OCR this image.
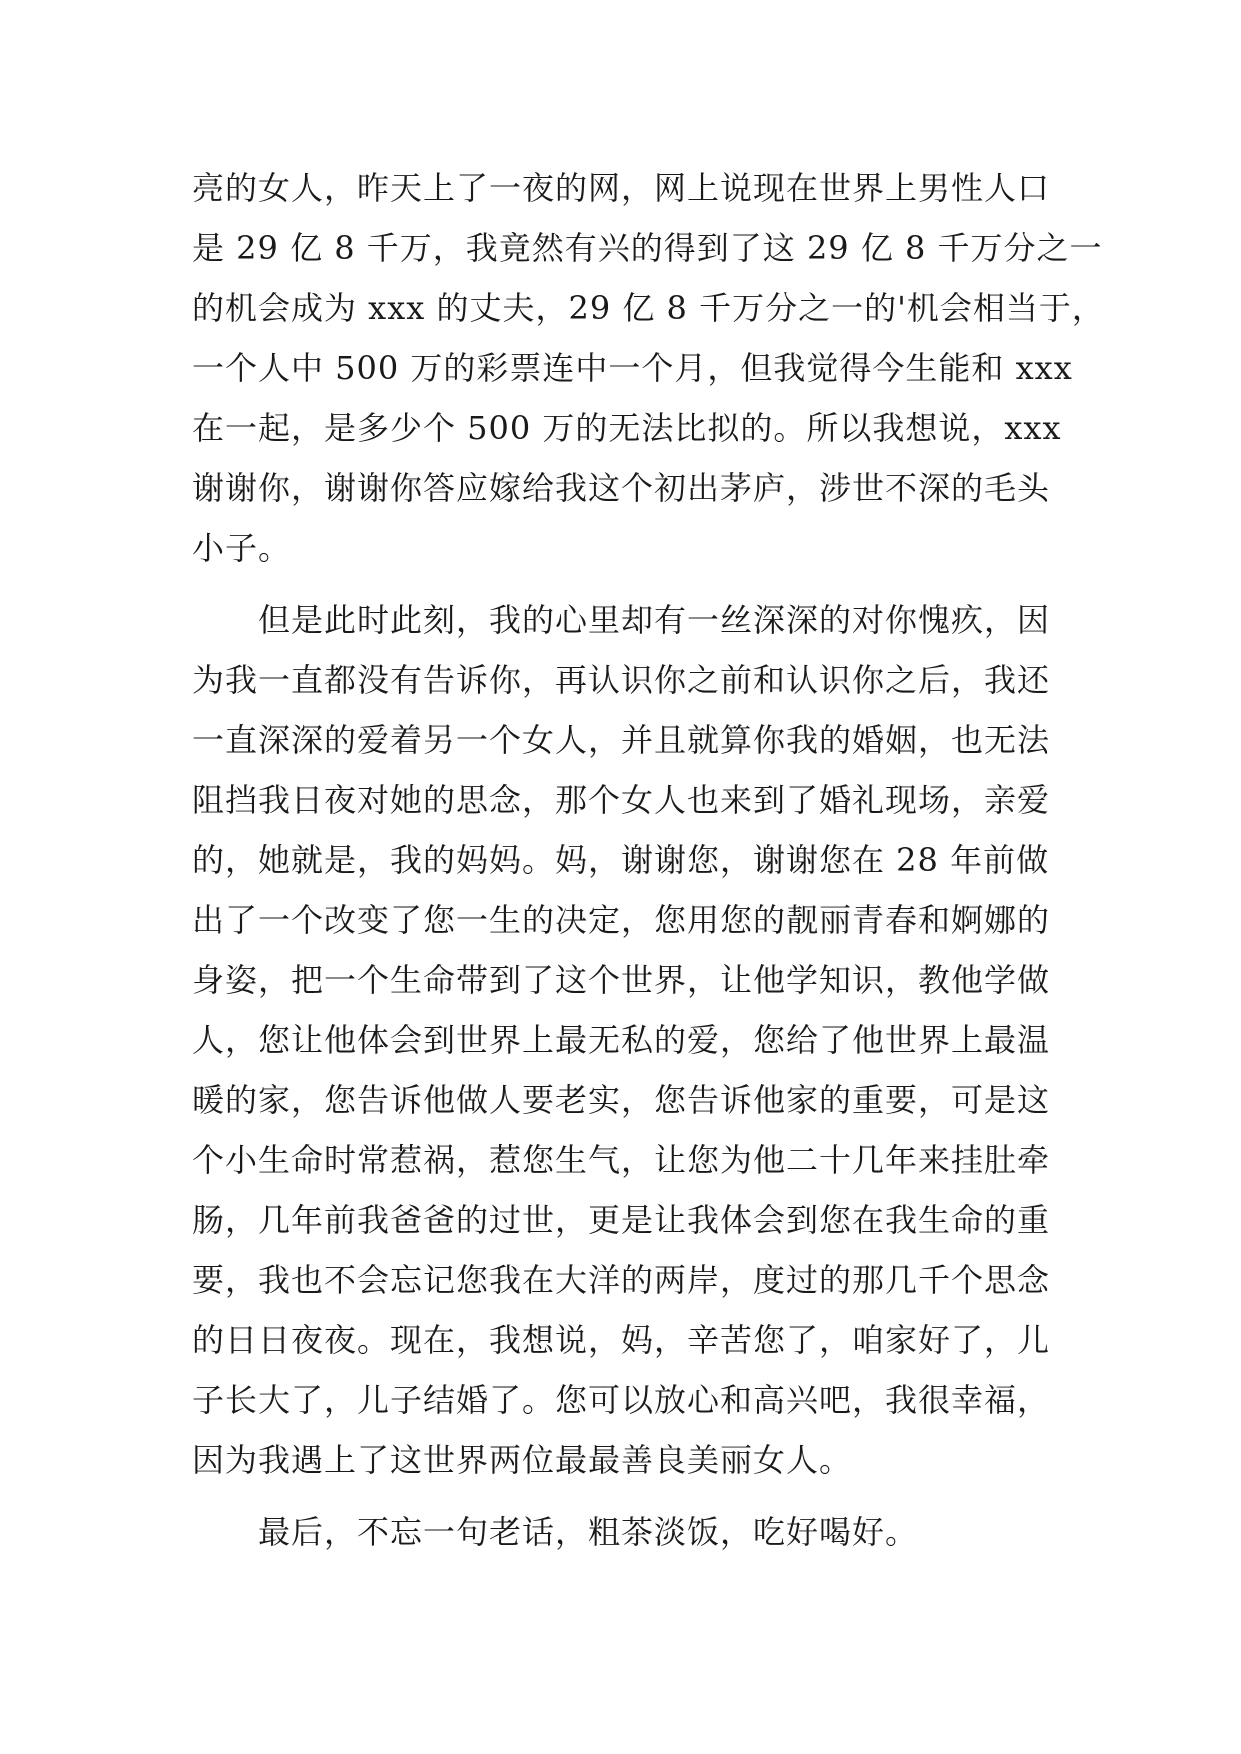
亮的女人，昨天上了一夜的网，网上说现在世界上男性人口
是 29 亿 8 千万，我竟然有兴的得到了这 29 亿 8 千万分之一
的机会成为 xxx 的丈夫，29 亿 8 千万分之一的'机会相当于，
一个人中 500 万的彩票连中一个月，但我觉得今生能和 xxx
在一起，是多少个 500 万的无法比拟的。所以我想说，xxx
谢谢你，谢谢你答应嫁给我这个初出茅庐，涉世不深的毛头
小子。
　　但是此时此刻，我的心里却有一丝深深的对你愧疚，因
为我一直都没有告诉你，再认识你之前和认识你之后，我还
一直深深的爱着另一个女人，并且就算你我的婚姻，也无法
阻挡我日夜对她的思念，那个女人也来到了婚礼现场，亲爱
的，她就是，我的妈妈。妈，谢谢您，谢谢您在 28 年前做
出了一个改变了您一生的决定，您用您的靓丽青春和婀娜的
身姿，把一个生命带到了这个世界，让他学知识，教他学做
人，您让他体会到世界上最无私的爱，您给了他世界上最温
暖的家，您告诉他做人要老实，您告诉他家的重要，可是这
个小生命时常惹祸，惹您生气，让您为他二十几年来挂肚牵
肠，几年前我爸爸的过世，更是让我体会到您在我生命的重
要，我也不会忘记您我在大洋的两岸，度过的那几千个思念
的日日夜夜。现在，我想说，妈，辛苦您了，咱家好了，儿
子长大了，儿子结婚了。您可以放心和高兴吧，我很幸福，
因为我遇上了这世界两位最最善良美丽女人。
　　最后，不忘一句老话，粗茶淡饭，吃好喝好。
